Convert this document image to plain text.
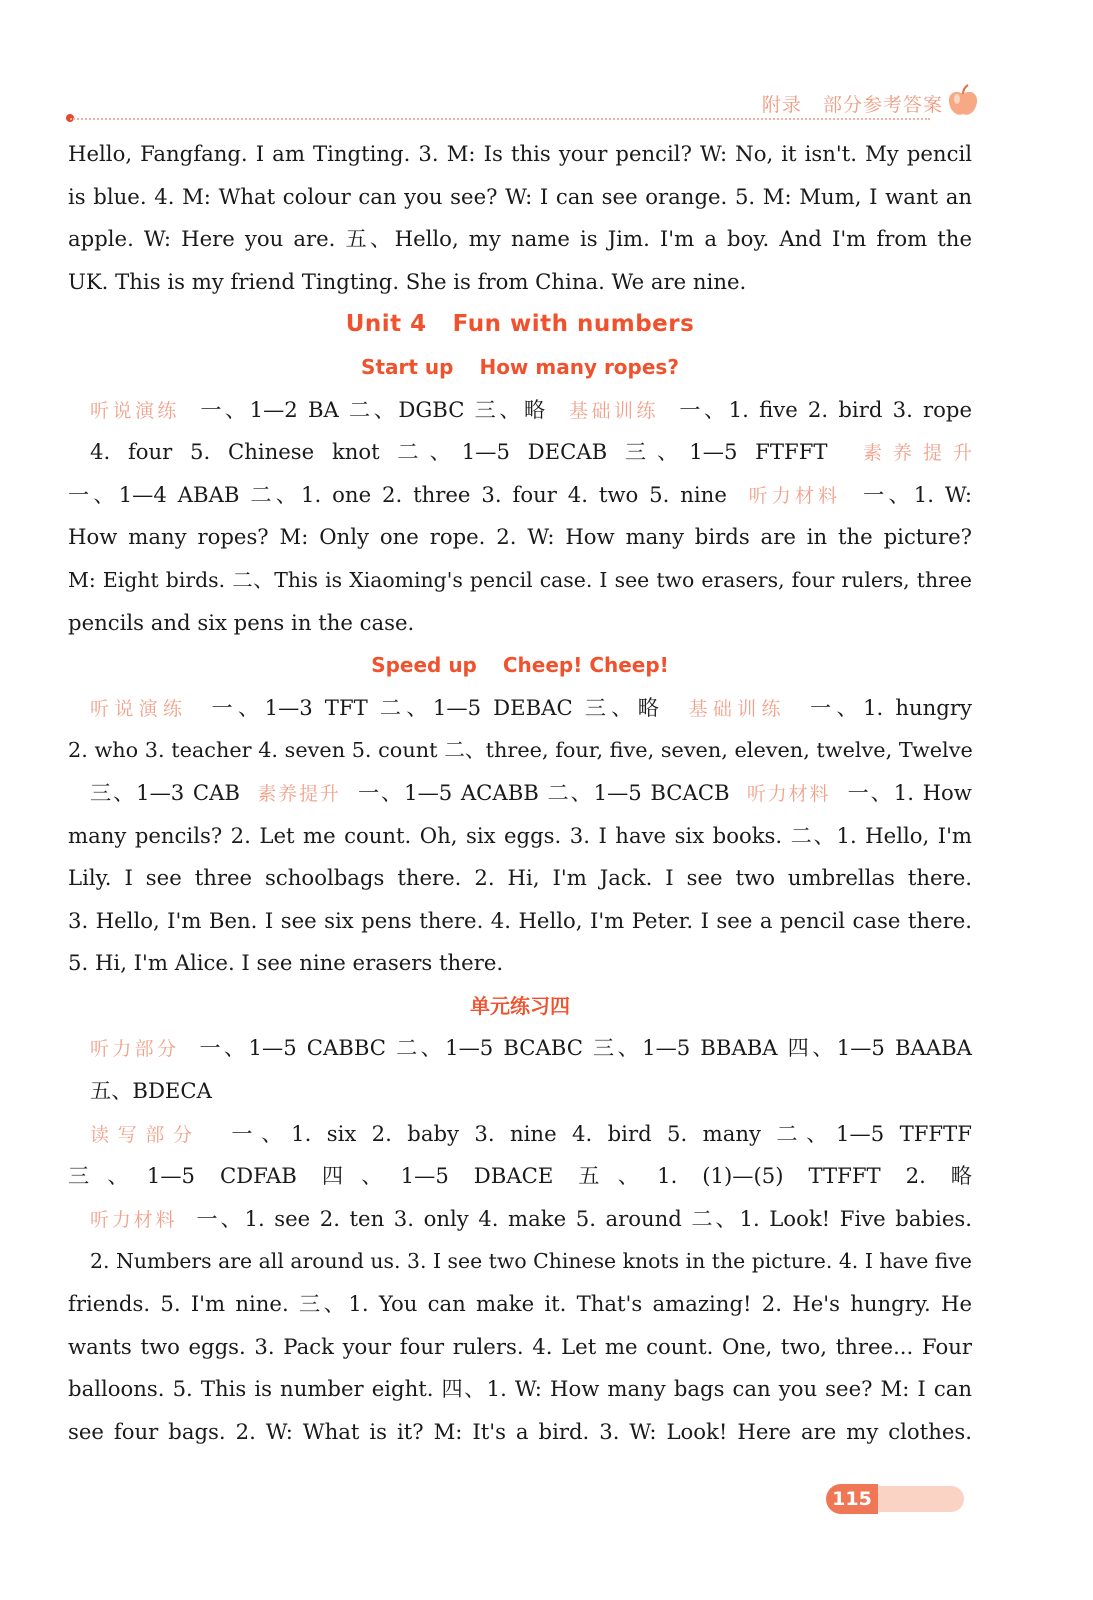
附录 部分参考答案
Hello, Fangfang. I am Tingting. 3. M: Is this your pencil? W: No, it isn't. My pencil
is blue. 4. M: What colour can you see? W: I can see orange. 5. M: Mum, I want an
apple. W: Here you are. 五、Hello, my name is Jim. I'm a boy. And I'm from the
UK. This is my friend Tingting. She is from China. We are nine.
Unit 4 Fun with numbers
Start up How many ropes?
听说演练 一、1—2 BA 二、DGBC 三、略 基础训练 一、1. five 2. bird 3. rope
4. four 5. Chinese knot 二、1—5 DECAB 三、1—5 FTFFT 素养提升
一、1—4 ABAB 二、1. one 2. three 3. four 4. two 5. nine 听力材料 一、1. W:
How many ropes? M: Only one rope. 2. W: How many birds are in the picture?
M: Eight birds. 二、This is Xiaoming's pencil case. I see two erasers, four rulers, three
pencils and six pens in the case.
Speed up Cheep! Cheep!
听说演练 一、1—3 TFT 二、1—5 DEBAC 三、略 基础训练 一、1. hungry
2. who 3. teacher 4. seven 5. count 二、three, four, five, seven, eleven, twelve, Twelve
三、1—3 CAB 素养提升 一、1—5 ACABB 二、1—5 BCACB 听力材料 一、1. How
many pencils? 2. Let me count. Oh, six eggs. 3. I have six books. 二、1. Hello, I'm
Lily. I see three schoolbags there. 2. Hi, I'm Jack. I see two umbrellas there.
3. Hello, I'm Ben. I see six pens there. 4. Hello, I'm Peter. I see a pencil case there.
5. Hi, I'm Alice. I see nine erasers there.
单元练习四
听力部分 一、1—5 CABBC 二、1—5 BCABC 三、1—5 BBABA 四、1—5 BAABA
五、BDECA
读写部分 一、1. six 2. baby 3. nine 4. bird 5. many 二、1—5 TFFTF
三、1—5 CDFAB 四、1—5 DBACE 五、1. (1)—(5) TTFFT 2. 略
听力材料 一、1. see 2. ten 3. only 4. make 5. around 二、1. Look! Five babies.
2. Numbers are all around us. 3. I see two Chinese knots in the picture. 4. I have five
friends. 5. I'm nine. 三、1. You can make it. That's amazing! 2. He's hungry. He
wants two eggs. 3. Pack your four rulers. 4. Let me count. One, two, three... Four
balloons. 5. This is number eight. 四、1. W: How many bags can you see? M: I can
see four bags. 2. W: What is it? M: It's a bird. 3. W: Look! Here are my clothes.
115
